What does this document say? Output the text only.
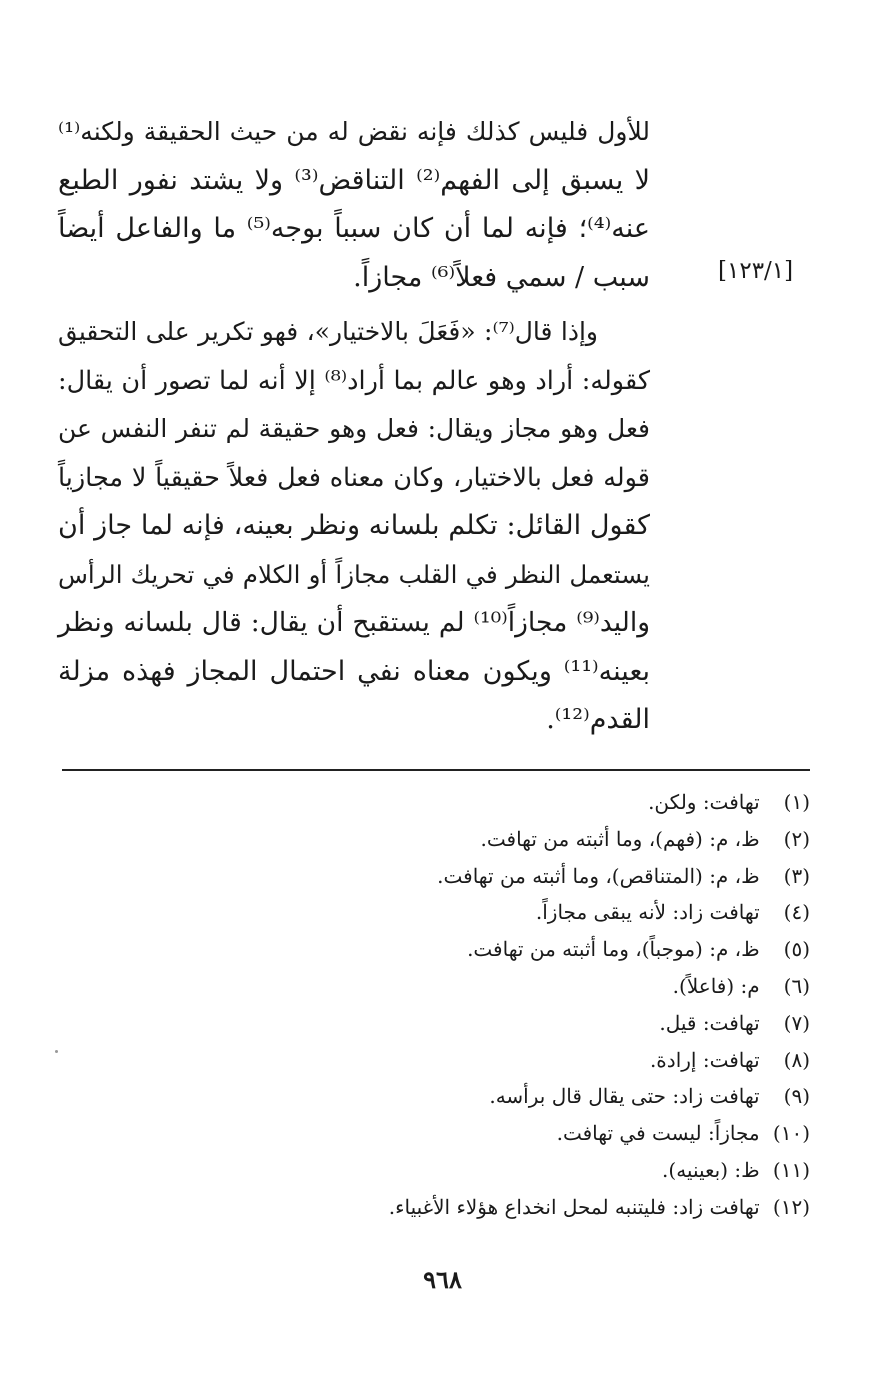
[١٢٣/١]
للأول فليس كذلك فإنه نقض له من حيث الحقيقة ولكنه⁽¹⁾
لا يسبق إلى الفهم⁽²⁾ التناقض⁽³⁾ ولا يشتد نفور الطبع
عنه⁽⁴⁾؛ فإنه لما أن كان سبباً بوجه⁽⁵⁾ ما والفاعل أيضاً
سبب / سمي فعلاً⁽⁶⁾ مجازاً.
وإذا قال⁽⁷⁾: «فَعَلَ بالاختيار»، فهو تكرير على التحقيق
كقوله: أراد وهو عالم بما أراد⁽⁸⁾ إلا أنه لما تصور أن يقال:
فعل وهو مجاز ويقال: فعل وهو حقيقة لم تنفر النفس عن
قوله فعل بالاختيار، وكان معناه فعل فعلاً حقيقياً لا مجازياً
كقول القائل: تكلم بلسانه ونظر بعينه، فإنه لما جاز أن
يستعمل النظر في القلب مجازاً أو الكلام في تحريك الرأس
واليد⁽⁹⁾ مجازاً⁽¹⁰⁾ لم يستقبح أن يقال: قال بلسانه ونظر
بعينه⁽¹¹⁾ ويكون معناه نفي احتمال المجاز فهذه مزلة
القدم⁽¹²⁾.
(١) تهافت: ولكن.
(٢) ظ، م: (فهم)، وما أثبته من تهافت.
(٣) ظ، م: (المتناقص)، وما أثبته من تهافت.
(٤) تهافت زاد: لأنه يبقى مجازاً.
(٥) ظ، م: (موجباً)، وما أثبته من تهافت.
(٦) م: (فاعلاً).
(٧) تهافت: قيل.
(٨) تهافت: إرادة.
(٩) تهافت زاد: حتى يقال قال برأسه.
(١٠) مجازاً: ليست في تهافت.
(١١) ظ: (بعينيه).
(١٢) تهافت زاد: فليتنبه لمحل انخداع هؤلاء الأغبياء.
٩٦٨
